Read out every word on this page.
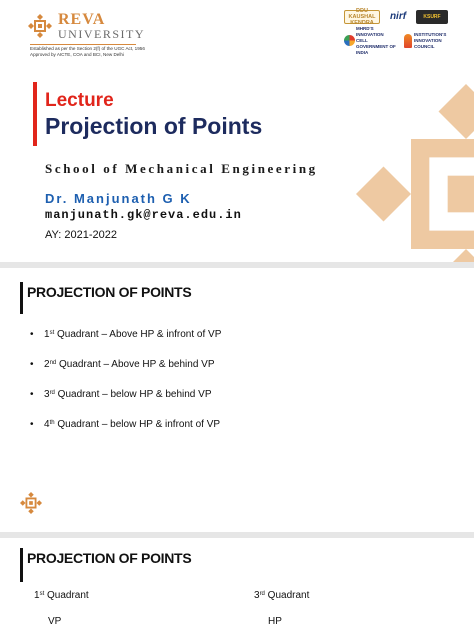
REVA
UNIVERSITY
Established as per the Section 2(f) of the UGC Act, 1956 Approved by AICTE, COA and BCI, New Delhi
DDU KAUSHAL KENDRA
nirf	KSURF
MHRD'S INNOVATION CELL GOVERNMENT OF INDIA
INSTITUTION'S INNOVATION COUNCIL
Lecture
Projection of Points
School of Mechanical Engineering
Dr. Manjunath G K
manjunath.gk@reva.edu.in
AY: 2021-2022
PROJECTION OF POINTS
• 1st Quadrant – Above HP & infront of VP
• 2nd Quadrant – Above HP & behind VP
• 3rd Quadrant – below HP & behind VP
• 4th Quadrant – below HP & infront of VP
PROJECTION OF POINTS
1st Quadrant	3rd Quadrant
VP	HP
